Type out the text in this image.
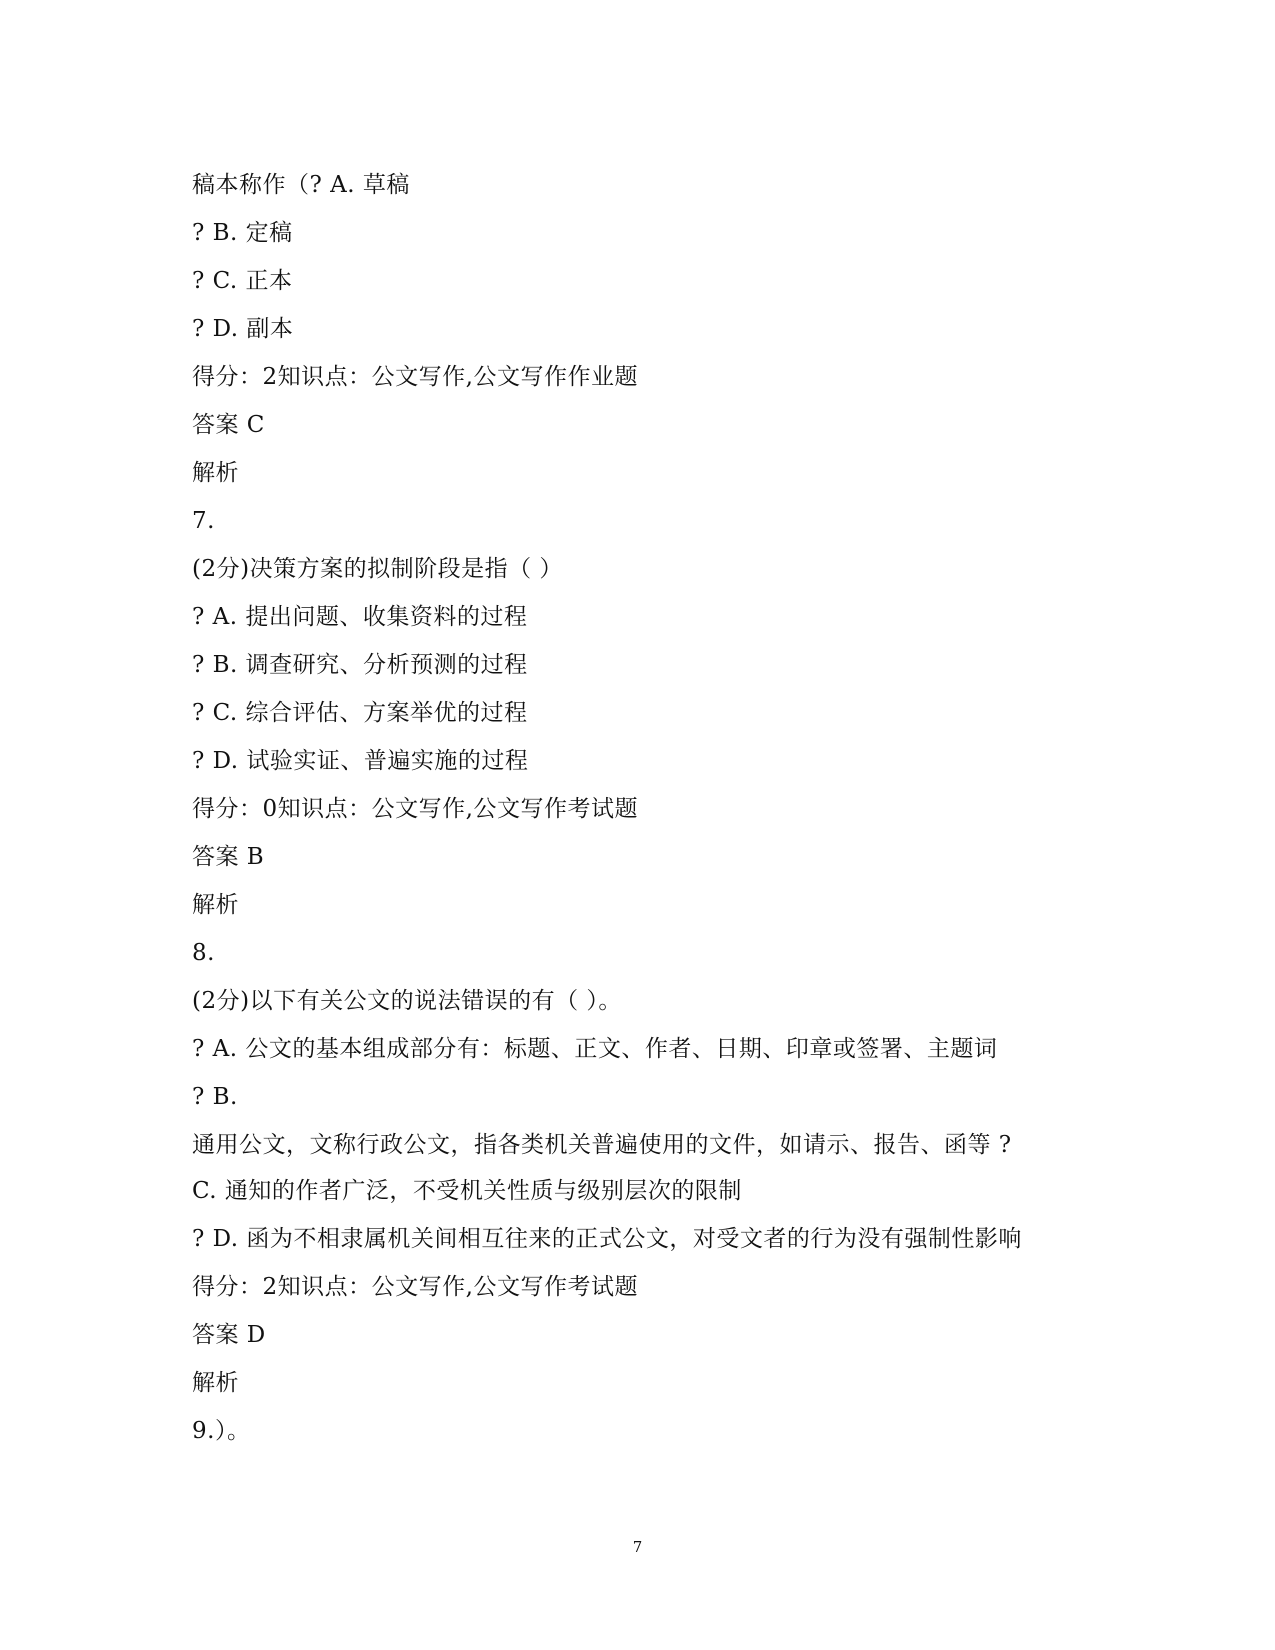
稿本称作（? A. 草稿
? B. 定稿
? C. 正本
? D. 副本
得分：2知识点：公文写作,公文写作作业题
答案 C
解析
7.
(2分)决策方案的拟制阶段是指（ ）
? A. 提出问题、收集资料的过程
? B. 调查研究、分析预测的过程
? C. 综合评估、方案举优的过程
? D. 试验实证、普遍实施的过程
得分：0知识点：公文写作,公文写作考试题
答案 B
解析
8.
(2分)以下有关公文的说法错误的有（ ）。
? A. 公文的基本组成部分有：标题、正文、作者、日期、印章或签署、主题词
? B.
通用公文，文称行政公文，指各类机关普遍使用的文件，如请示、报告、函等 ?
C. 通知的作者广泛，不受机关性质与级别层次的限制
? D. 函为不相隶属机关间相互往来的正式公文，对受文者的行为没有强制性影响
得分：2知识点：公文写作,公文写作考试题
答案 D
解析
9.）。
7
